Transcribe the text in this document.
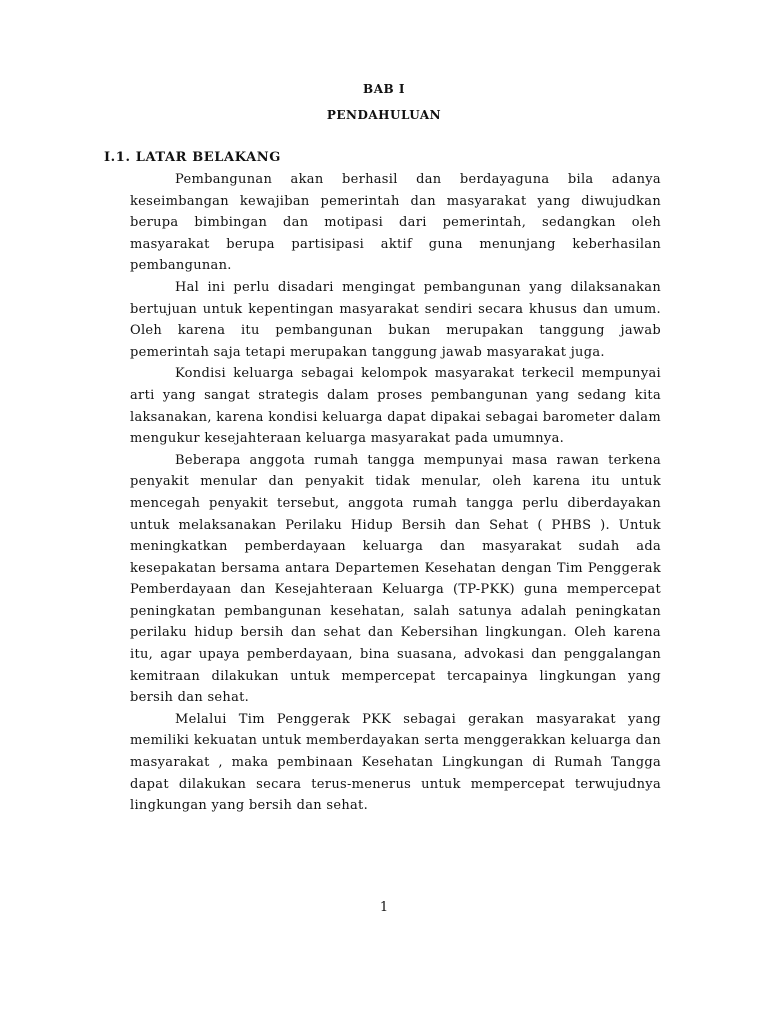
BAB I
PENDAHULUAN
I.1. LATAR BELAKANG

Pembangunan akan berhasil dan berdayaguna bila adanya keseimbangan kewajiban pemerintah dan masyarakat yang diwujudkan berupa bimbingan dan motipasi dari pemerintah, sedangkan oleh masyarakat berupa partisipasi aktif guna menunjang keberhasilan pembangunan.

Hal ini perlu disadari mengingat pembangunan yang dilaksanakan bertujuan untuk kepentingan masyarakat sendiri secara khusus dan umum. Oleh karena itu pembangunan bukan merupakan tanggung jawab pemerintah saja tetapi merupakan tanggung jawab masyarakat juga.

Kondisi keluarga sebagai kelompok masyarakat terkecil mempunyai arti yang sangat strategis dalam proses pembangunan yang sedang kita laksanakan, karena kondisi keluarga dapat dipakai sebagai barometer dalam mengukur kesejahteraan keluarga masyarakat pada umumnya.

Beberapa anggota rumah tangga mempunyai masa rawan terkena penyakit menular dan penyakit tidak menular, oleh karena itu untuk mencegah penyakit tersebut, anggota rumah tangga perlu diberdayakan untuk melaksanakan Perilaku Hidup Bersih dan Sehat ( PHBS ). Untuk meningkatkan pemberdayaan keluarga dan masyarakat sudah ada kesepakatan bersama antara Departemen Kesehatan dengan Tim Penggerak Pemberdayaan dan Kesejahteraan Keluarga (TP-PKK) guna mempercepat peningkatan pembangunan kesehatan, salah satunya adalah peningkatan perilaku hidup bersih dan sehat dan Kebersihan lingkungan. Oleh karena itu, agar upaya pemberdayaan, bina suasana, advokasi dan penggalangan kemitraan dilakukan untuk mempercepat tercapainya lingkungan yang bersih dan sehat.

Melalui Tim Penggerak PKK sebagai gerakan masyarakat yang memiliki kekuatan untuk memberdayakan serta menggerakkan keluarga dan masyarakat , maka pembinaan Kesehatan Lingkungan di Rumah Tangga dapat dilakukan secara terus-menerus untuk mempercepat terwujudnya lingkungan yang bersih dan sehat.

1
